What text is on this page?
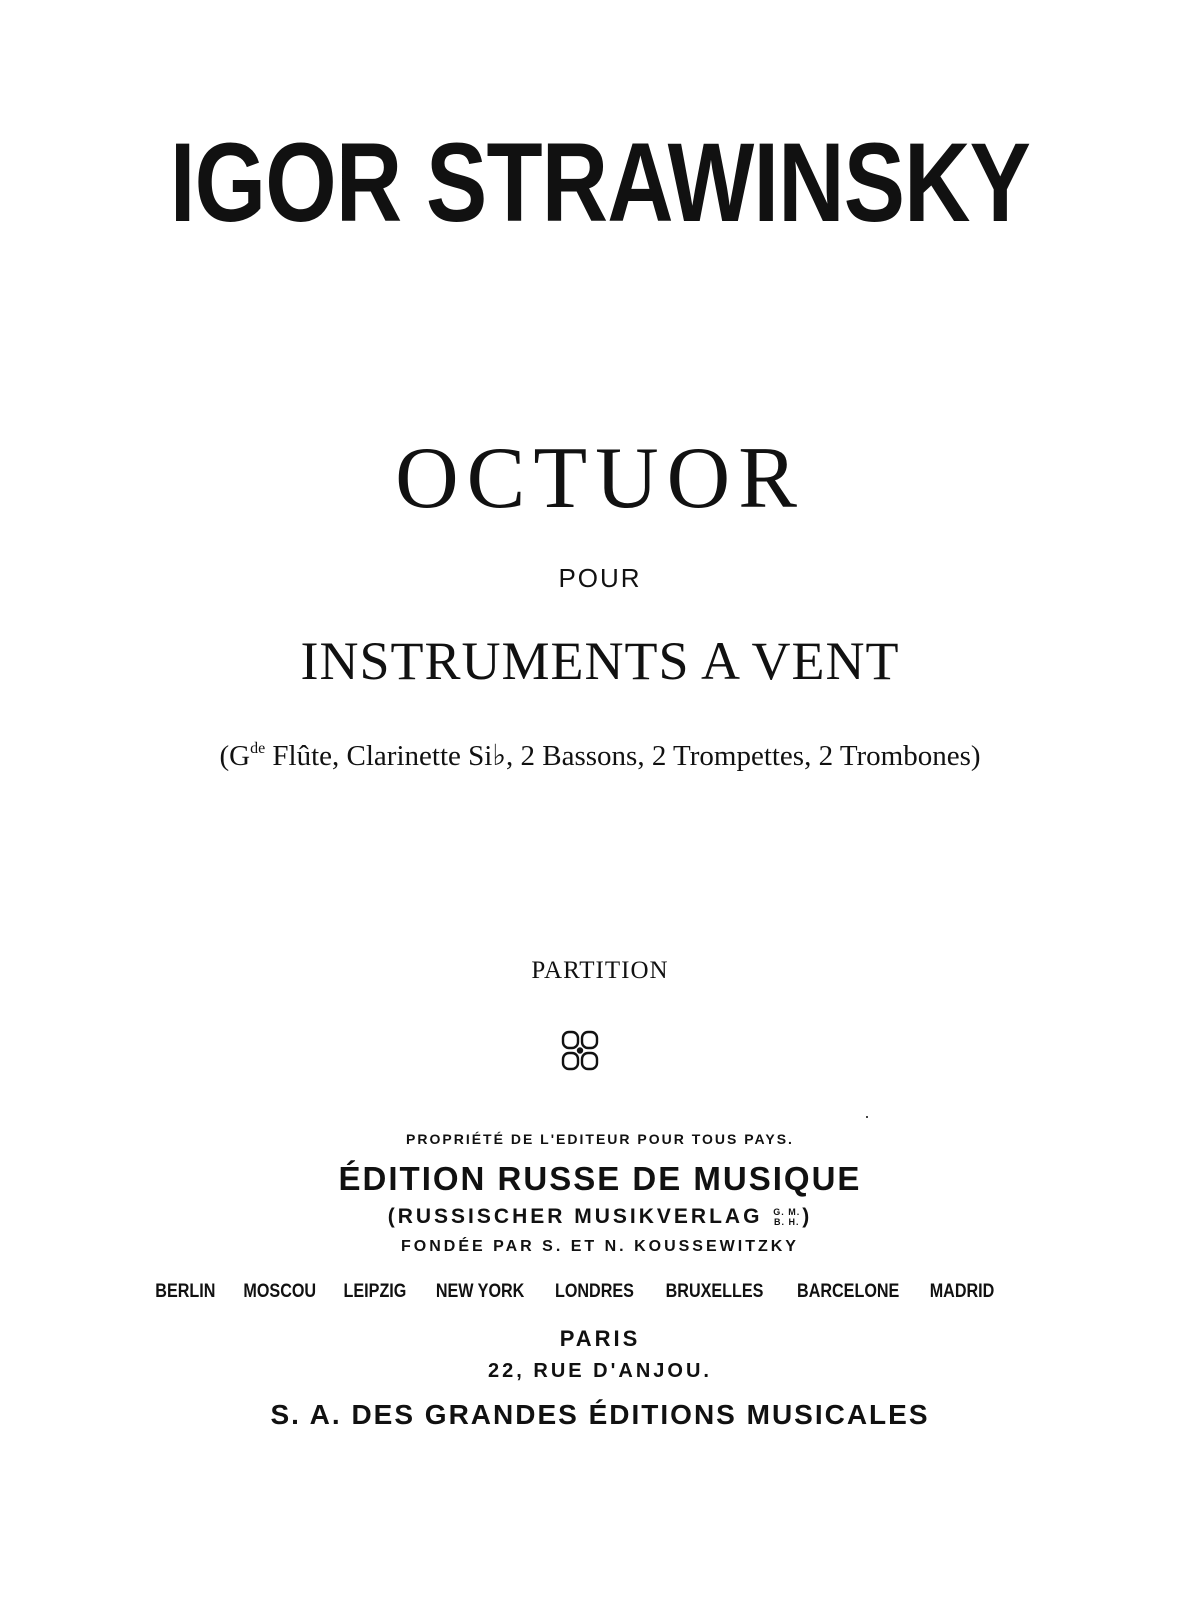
IGOR STRAWINSKY
OCTUOR
POUR
INSTRUMENTS A VENT
($G^{de}$ Flûte, Clarinette Si♭, 2 Bassons, 2 Trompettes, 2 Trombones)
PARTITION
PROPRIÉTÉ DE L'EDITEUR POUR TOUS PAYS.
ÉDITION RUSSE DE MUSIQUE
(RUSSISCHER MUSIKVERLAG G. M.
B. H. )
FONDÉE PAR S. ET N. KOUSSEWITZKY
BERLIN MOSCOU LEIPZIG NEW YORK LONDRES BRUXELLES BARCELONE MADRID
PARIS
22, RUE D'ANJOU.
S. A. DES GRANDES ÉDITIONS MUSICALES
